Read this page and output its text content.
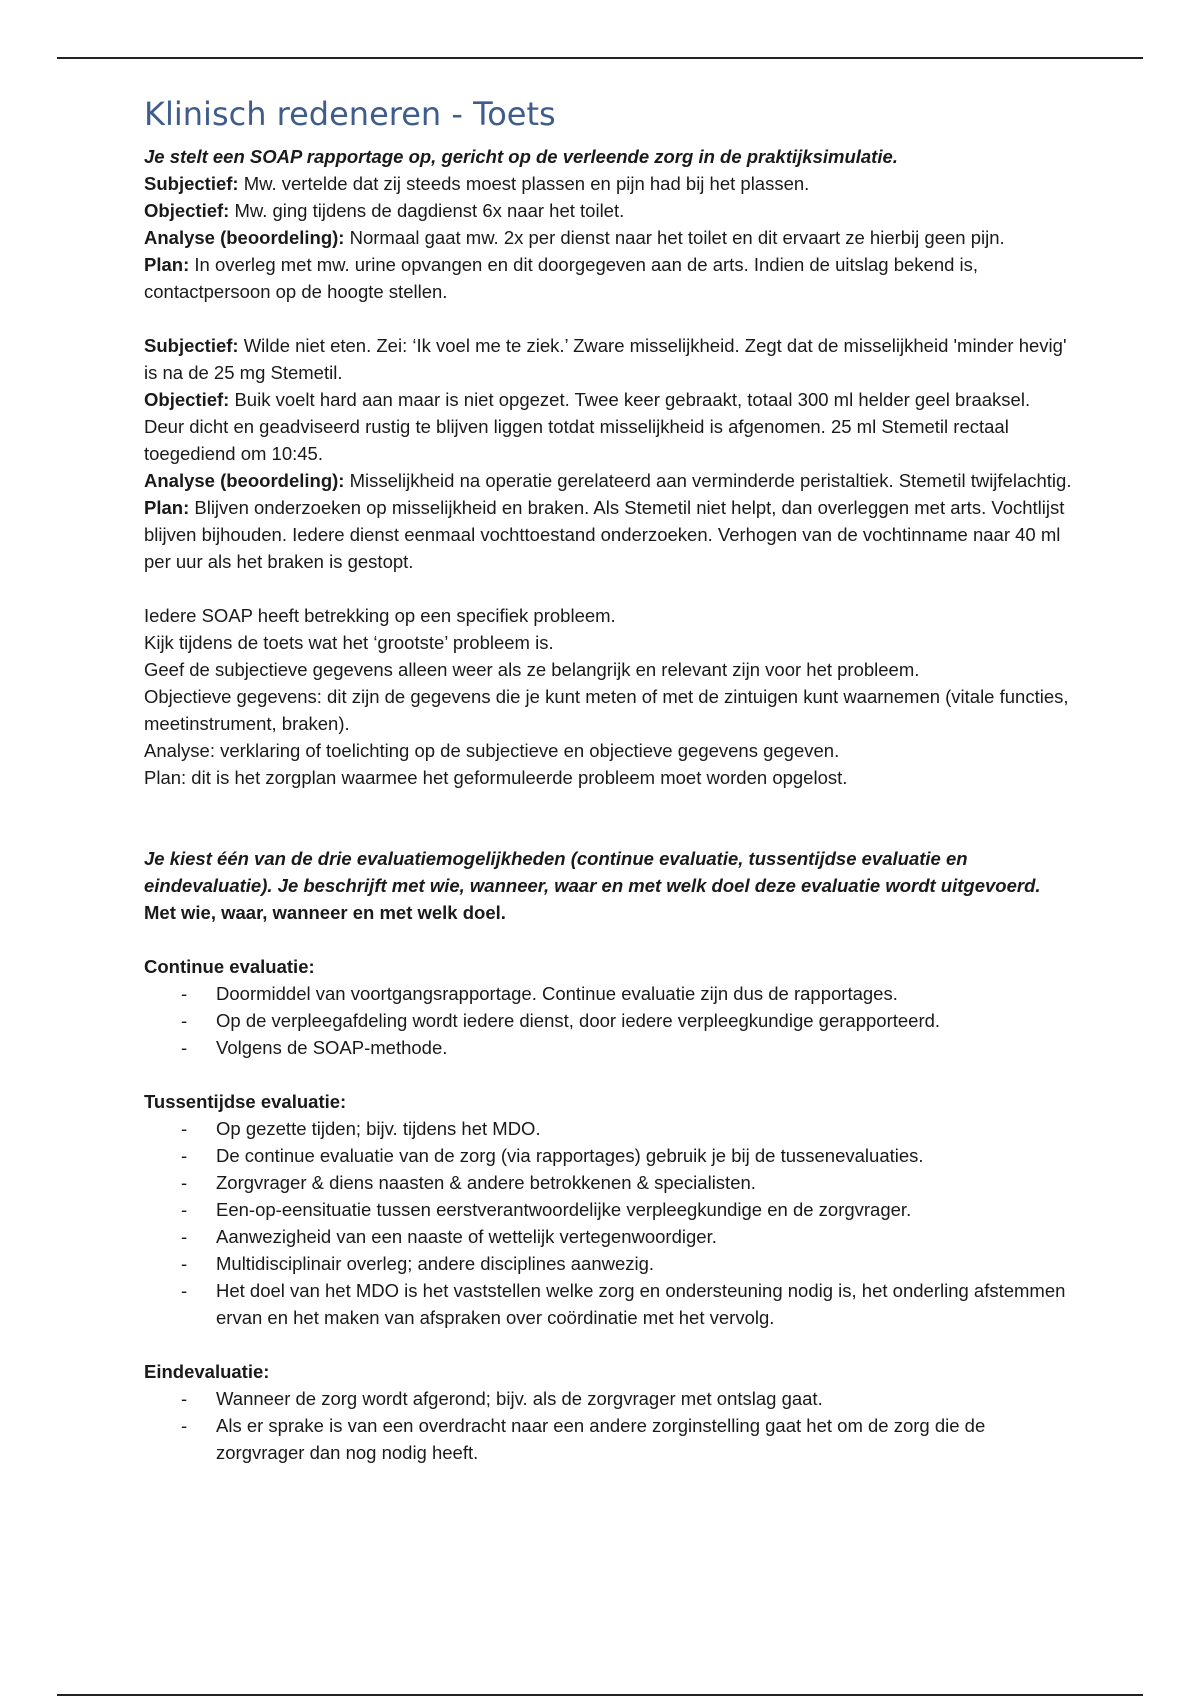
Klinisch redeneren - Toets

Je stelt een SOAP rapportage op, gericht op de verleende zorg in de praktijksimulatie.

Subjectief: Mw. vertelde dat zij steeds moest plassen en pijn had bij het plassen.

Objectief: Mw. ging tijdens de dagdienst 6x naar het toilet.

Analyse (beoordeling): Normaal gaat mw. 2x per dienst naar het toilet en dit ervaart ze hierbij geen pijn.

Plan: In overleg met mw. urine opvangen en dit doorgegeven aan de arts. Indien de uitslag bekend is, contactpersoon op de hoogte stellen.

Subjectief: Wilde niet eten. Zei: ‘Ik voel me te ziek.’ Zware misselijkheid. Zegt dat de misselijkheid 'minder hevig' is na de 25 mg Stemetil.

Objectief: Buik voelt hard aan maar is niet opgezet. Twee keer gebraakt, totaal 300 ml helder geel braaksel. Deur dicht en geadviseerd rustig te blijven liggen totdat misselijkheid is afgenomen. 25 ml Stemetil rectaal toegediend om 10:45.

Analyse (beoordeling): Misselijkheid na operatie gerelateerd aan verminderde peristaltiek. Stemetil twijfelachtig.

Plan: Blijven onderzoeken op misselijkheid en braken. Als Stemetil niet helpt, dan overleggen met arts. Vochtlijst blijven bijhouden. Iedere dienst eenmaal vochttoestand onderzoeken. Verhogen van de vochtinname naar 40 ml per uur als het braken is gestopt.

Iedere SOAP heeft betrekking op een specifiek probleem.

Kijk tijdens de toets wat het ‘grootste’ probleem is.

Geef de subjectieve gegevens alleen weer als ze belangrijk en relevant zijn voor het probleem.

Objectieve gegevens: dit zijn de gegevens die je kunt meten of met de zintuigen kunt waarnemen (vitale functies, meetinstrument, braken).

Analyse: verklaring of toelichting op de subjectieve en objectieve gegevens gegeven.

Plan: dit is het zorgplan waarmee het geformuleerde probleem moet worden opgelost.

Je kiest één van de drie evaluatiemogelijkheden (continue evaluatie, tussentijdse evaluatie en eindevaluatie). Je beschrijft met wie, wanneer, waar en met welk doel deze evaluatie wordt uitgevoerd.

Met wie, waar, wanneer en met welk doel.

Continue evaluatie:

- Doormiddel van voortgangsrapportage. Continue evaluatie zijn dus de rapportages.
- Op de verpleegafdeling wordt iedere dienst, door iedere verpleegkundige gerapporteerd.
- Volgens de SOAP-methode.

Tussentijdse evaluatie:

- Op gezette tijden; bijv. tijdens het MDO.
- De continue evaluatie van de zorg (via rapportages) gebruik je bij de tussenevaluaties.
- Zorgvrager & diens naasten & andere betrokkenen & specialisten.
- Een-op-eensituatie tussen eerstverantwoordelijke verpleegkundige en de zorgvrager.
- Aanwezigheid van een naaste of wettelijk vertegenwoordiger.
- Multidisciplinair overleg; andere disciplines aanwezig.
- Het doel van het MDO is het vaststellen welke zorg en ondersteuning nodig is, het onderling afstemmen ervan en het maken van afspraken over coördinatie met het vervolg.

Eindevaluatie:

- Wanneer de zorg wordt afgerond; bijv. als de zorgvrager met ontslag gaat.
- Als er sprake is van een overdracht naar een andere zorginstelling gaat het om de zorg die de zorgvrager dan nog nodig heeft.
